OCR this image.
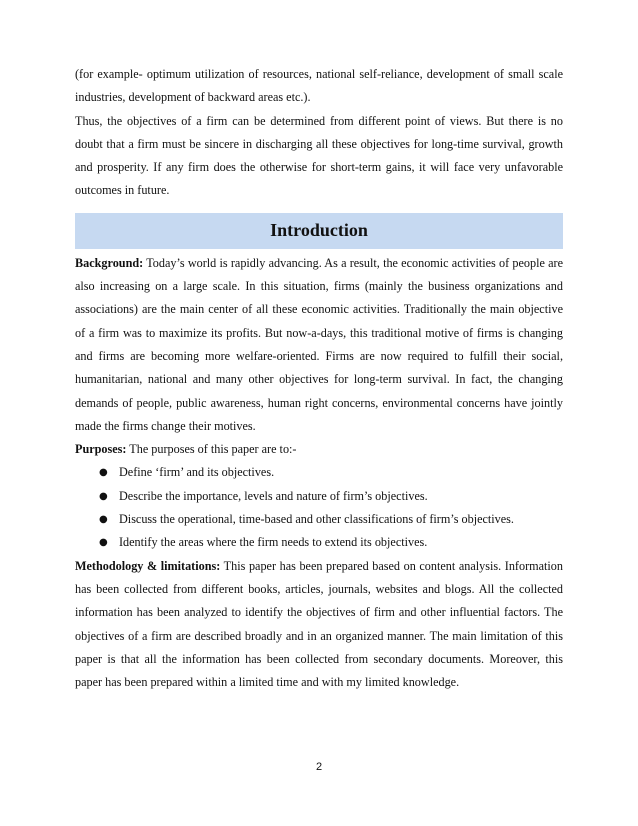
(for example- optimum utilization of resources, national self-reliance, development of small scale industries, development of backward areas etc.).

Thus, the objectives of a firm can be determined from different point of views. But there is no doubt that a firm must be sincere in discharging all these objectives for long-time survival, growth and prosperity. If any firm does the otherwise for short-term gains, it will face very unfavorable outcomes in future.

Introduction

Background: Today’s world is rapidly advancing. As a result, the economic activities of people are also increasing on a large scale. In this situation, firms (mainly the business organizations and associations) are the main center of all these economic activities. Traditionally the main objective of a firm was to maximize its profits. But now-a-days, this traditional motive of firms is changing and firms are becoming more welfare-oriented. Firms are now required to fulfill their social, humanitarian, national and many other objectives for long-term survival. In fact, the changing demands of people, public awareness, human right concerns, environmental concerns have jointly made the firms change their motives.

Purposes: The purposes of this paper are to:-

● Define ‘firm’ and its objectives.
● Describe the importance, levels and nature of firm’s objectives.
● Discuss the operational, time-based and other classifications of firm’s objectives.
● Identify the areas where the firm needs to extend its objectives.

Methodology & limitations: This paper has been prepared based on content analysis. Information has been collected from different books, articles, journals, websites and blogs. All the collected information has been analyzed to identify the objectives of firm and other influential factors. The objectives of a firm are described broadly and in an organized manner. The main limitation of this paper is that all the information has been collected from secondary documents. Moreover, this paper has been prepared within a limited time and with my limited knowledge.

2
